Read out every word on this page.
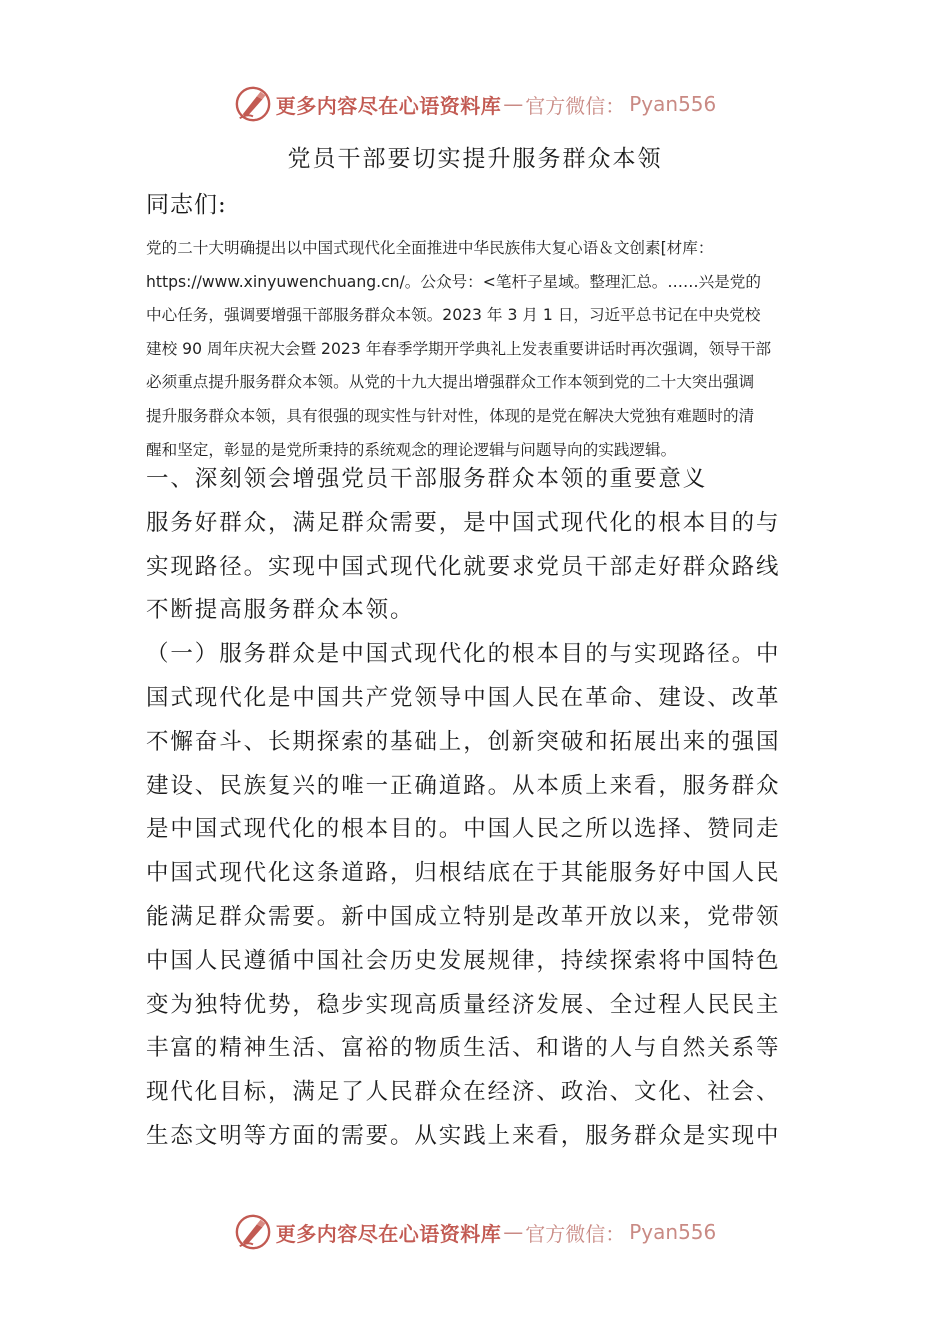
更多内容尽在心语资料库 — 官方微信： Pyan556
党员干部要切实提升服务群众本领
同志们:
党的二十大明确提出以中国式现代化全面推进中华民族伟大复心语＆文创素[材库：
https://www.xinyuwenchuang.cn/。公众号：<笔杆子星域。整理汇总。……兴是党的
中心任务，强调要增强干部服务群众本领。2023 年 3 月 1 日，习近平总书记在中央党校
建校 90 周年庆祝大会暨 2023 年春季学期开学典礼上发表重要讲话时再次强调，领导干部
必须重点提升服务群众本领。从党的十九大提出增强群众工作本领到党的二十大突出强调
提升服务群众本领，具有很强的现实性与针对性，体现的是党在解决大党独有难题时的清
醒和坚定，彰显的是党所秉持的系统观念的理论逻辑与问题导向的实践逻辑。
一、深刻领会增强党员干部服务群众本领的重要意义
服务好群众，满足群众需要，是中国式现代化的根本目的与
实现路径。实现中国式现代化就要求党员干部走好群众路线
不断提高服务群众本领。
（一）服务群众是中国式现代化的根本目的与实现路径。中
国式现代化是中国共产党领导中国人民在革命、建设、改革
不懈奋斗、长期探索的基础上，创新突破和拓展出来的强国
建设、民族复兴的唯一正确道路。从本质上来看，服务群众
是中国式现代化的根本目的。中国人民之所以选择、赞同走
中国式现代化这条道路，归根结底在于其能服务好中国人民
能满足群众需要。新中国成立特别是改革开放以来，党带领
中国人民遵循中国社会历史发展规律，持续探索将中国特色
变为独特优势，稳步实现高质量经济发展、全过程人民民主
丰富的精神生活、富裕的物质生活、和谐的人与自然关系等
现代化目标，满足了人民群众在经济、政治、文化、社会、
生态文明等方面的需要。从实践上来看，服务群众是实现中
更多内容尽在心语资料库 — 官方微信： Pyan556
